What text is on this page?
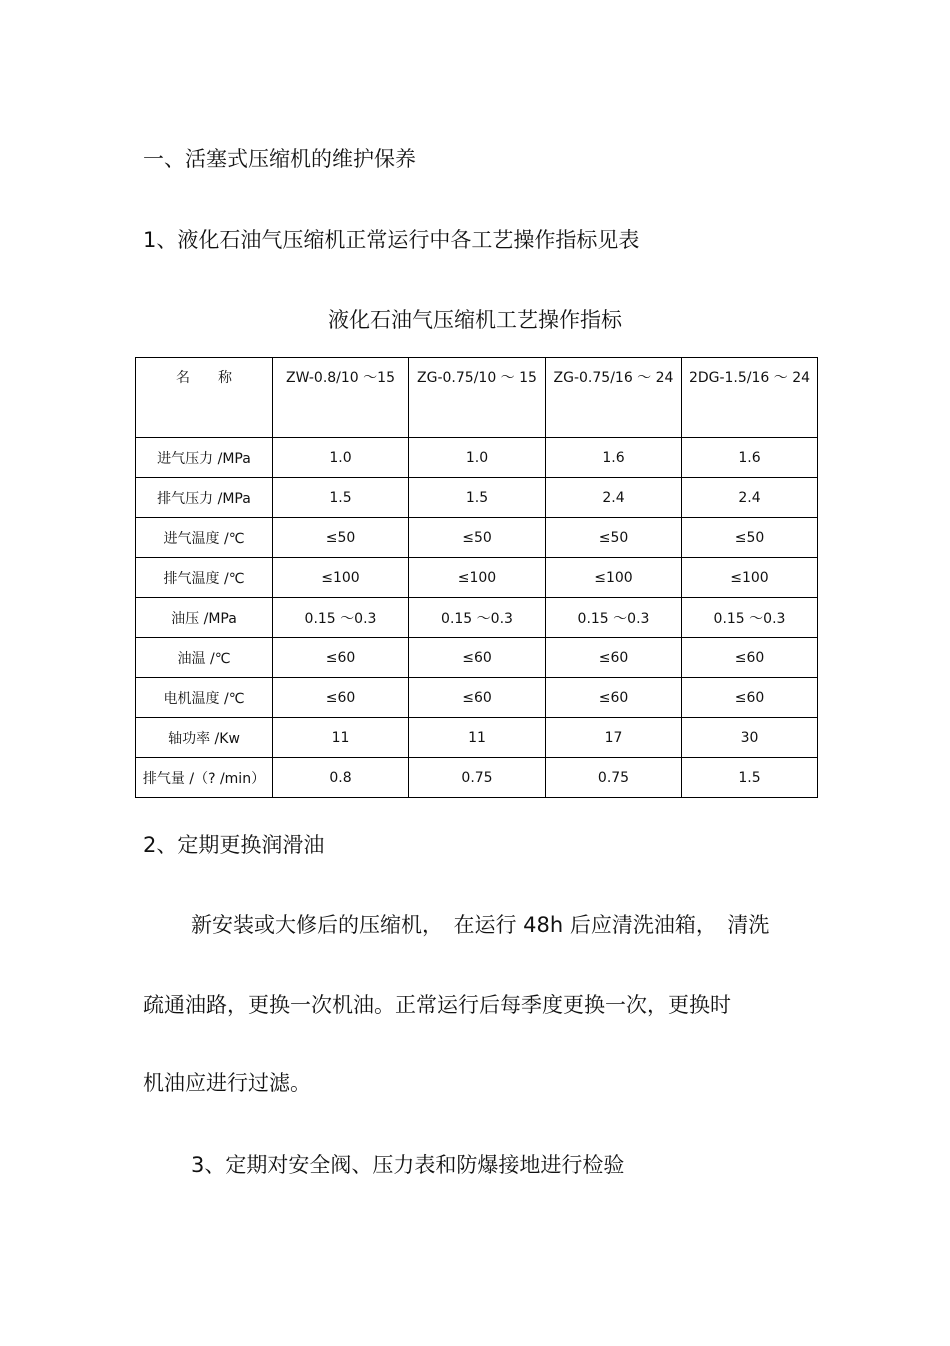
一、活塞式压缩机的维护保养

1、液化石油气压缩机正常运行中各工艺操作指标见表

液化石油气压缩机工艺操作指标

名　　称	ZW-0.8/10 ～15	ZG-0.75/10 ～ 15	ZG-0.75/16 ～ 24	2DG-1.5/16 ～ 24
进气压力 /MPa	1.0	1.0	1.6	1.6
排气压力 /MPa	1.5	1.5	2.4	2.4
进气温度 /℃	≤50	≤50	≤50	≤50
排气温度 /℃	≤100	≤100	≤100	≤100
油压 /MPa	0.15 ～0.3	0.15 ～0.3	0.15 ～0.3	0.15 ～0.3
油温 /℃	≤60	≤60	≤60	≤60
电机温度 /℃	≤60	≤60	≤60	≤60
轴功率 /Kw	11	11	17	30
排气量 /（? /min）	0.8	0.75	0.75	1.5

2、定期更换润滑油

新安装或大修后的压缩机，　在运行 48h 后应清洗油箱，　清洗

疏通油路，更换一次机油。正常运行后每季度更换一次，更换时

机油应进行过滤。

3、定期对安全阀、压力表和防爆接地进行检验
